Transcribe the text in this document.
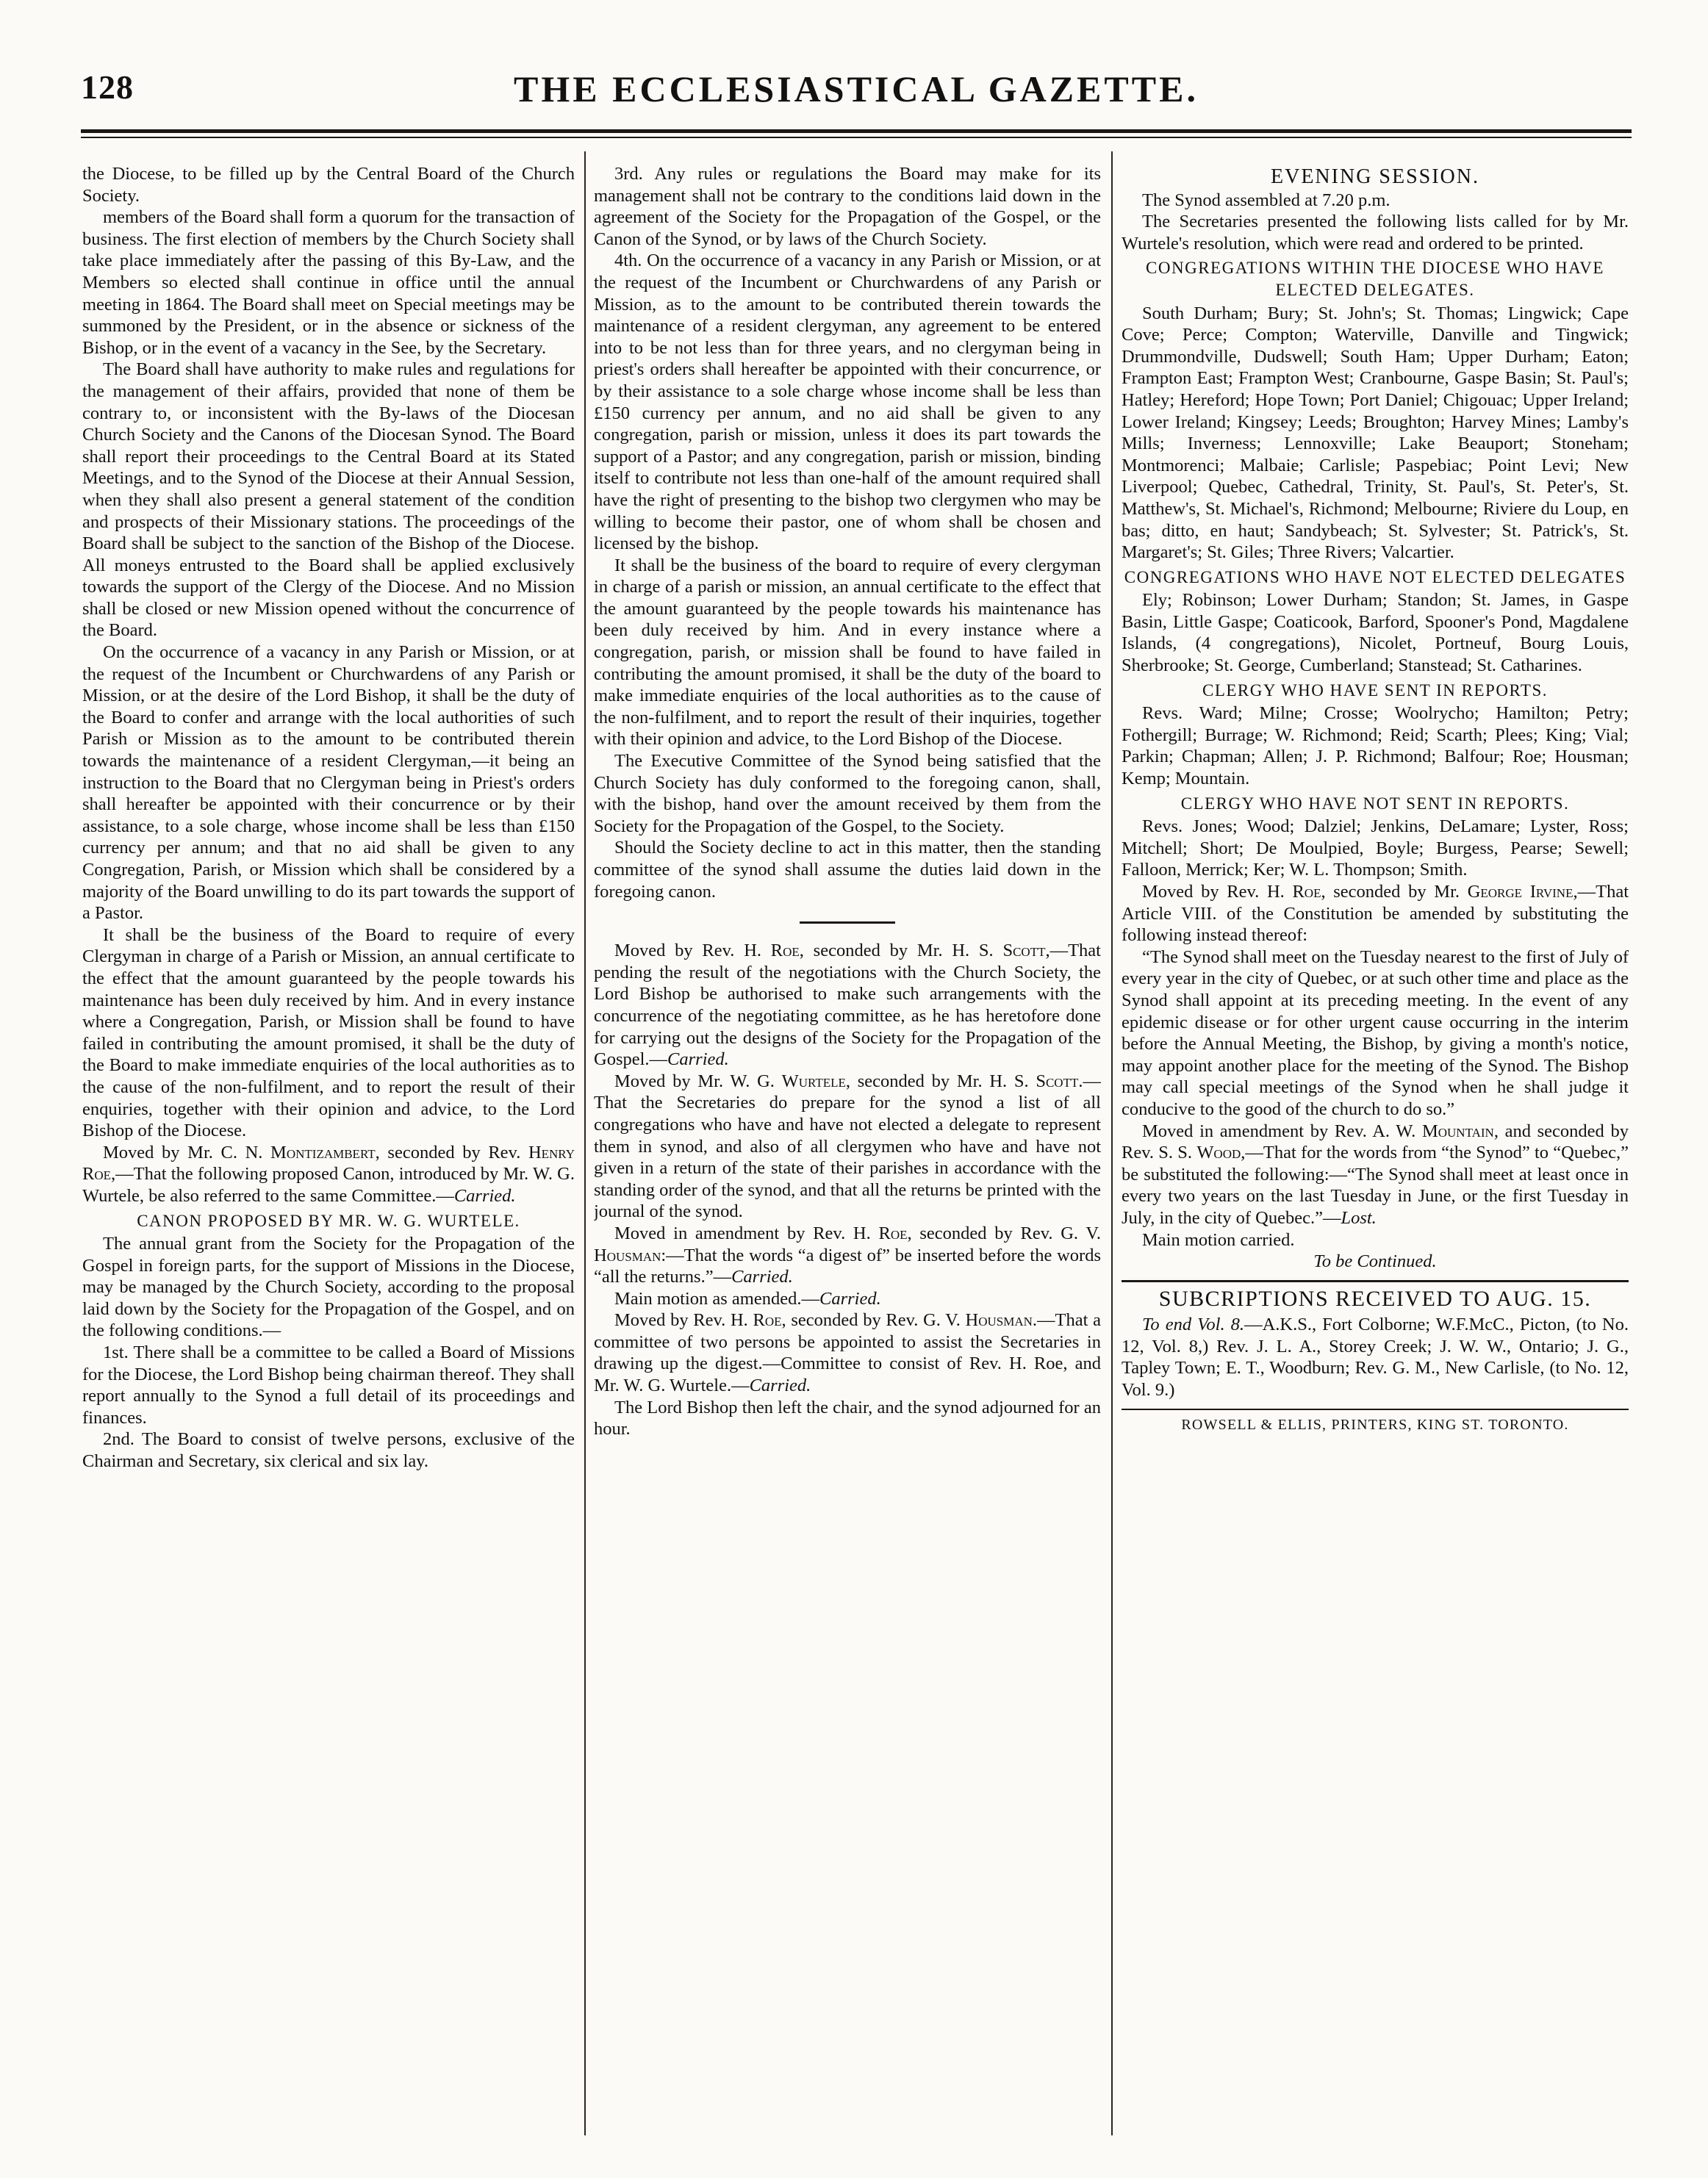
128	THE ECCLESIASTICAL GAZETTE.

the Diocese, to be filled up by the Central Board of the Church Society.

members of the Board shall form a quorum for the transaction of business. The first election of members by the Church Society shall take place immediately after the passing of this By-Law, and the Members so elected shall continue in office until the annual meeting in 1864. The Board shall meet on Special meetings may be summoned by the President, or in the absence or sickness of the Bishop, or in the event of a vacancy in the See, by the Secretary.

The Board shall have authority to make rules and regulations for the management of their affairs, provided that none of them be contrary to, or inconsistent with the By-laws of the Diocesan Church Society and the Canons of the Diocesan Synod. The Board shall report their proceedings to the Central Board at its Stated Meetings, and to the Synod of the Diocese at their Annual Session, when they shall also present a general statement of the condition and prospects of their Missionary stations. The proceedings of the Board shall be subject to the sanction of the Bishop of the Diocese. All moneys entrusted to the Board shall be applied exclusively towards the support of the Clergy of the Diocese. And no Mission shall be closed or new Mission opened without the concurrence of the Board.

On the occurrence of a vacancy in any Parish or Mission, or at the request of the Incumbent or Churchwardens of any Parish or Mission, or at the desire of the Lord Bishop, it shall be the duty of the Board to confer and arrange with the local authorities of such Parish or Mission as to the amount to be contributed therein towards the maintenance of a resident Clergyman,—it being an instruction to the Board that no Clergyman being in Priest's orders shall hereafter be appointed with their concurrence or by their assistance, to a sole charge, whose income shall be less than £150 currency per annum; and that no aid shall be given to any Congregation, Parish, or Mission which shall be considered by a majority of the Board unwilling to do its part towards the support of a Pastor.

It shall be the business of the Board to require of every Clergyman in charge of a Parish or Mission, an annual certificate to the effect that the amount guaranteed by the people towards his maintenance has been duly received by him. And in every instance where a Congregation, Parish, or Mission shall be found to have failed in contributing the amount promised, it shall be the duty of the Board to make immediate enquiries of the local authorities as to the cause of the non-fulfilment, and to report the result of their enquiries, together with their opinion and advice, to the Lord Bishop of the Diocese.

Moved by Mr. C. N. Montizambert, seconded by Rev. Henry Roe,—That the following proposed Canon, introduced by Mr. W. G. Wurtele, be also referred to the same Committee.—Carried.

CANON PROPOSED BY MR. W. G. WURTELE.

The annual grant from the Society for the Propagation of the Gospel in foreign parts, for the support of Missions in the Diocese, may be managed by the Church Society, according to the proposal laid down by the Society for the Propagation of the Gospel, and on the following conditions.—

1st. There shall be a committee to be called a Board of Missions for the Diocese, the Lord Bishop being chairman thereof. They shall report annually to the Synod a full detail of its proceedings and finances.

2nd. The Board to consist of twelve persons, exclusive of the Chairman and Secretary, six clerical and six lay.

3rd. Any rules or regulations the Board may make for its management shall not be contrary to the conditions laid down in the agreement of the Society for the Propagation of the Gospel, or the Canon of the Synod, or by laws of the Church Society.

4th. On the occurrence of a vacancy in any Parish or Mission, or at the request of the Incumbent or Churchwardens of any Parish or Mission, as to the amount to be contributed therein towards the maintenance of a resident clergyman, any agreement to be entered into to be not less than for three years, and no clergyman being in priest's orders shall hereafter be appointed with their concurrence, or by their assistance to a sole charge whose income shall be less than £150 currency per annum, and no aid shall be given to any congregation, parish or mission, unless it does its part towards the support of a Pastor; and any congregation, parish or mission, binding itself to contribute not less than one-half of the amount required shall have the right of presenting to the bishop two clergymen who may be willing to become their pastor, one of whom shall be chosen and licensed by the bishop.

It shall be the business of the board to require of every clergyman in charge of a parish or mission, an annual certificate to the effect that the amount guaranteed by the people towards his maintenance has been duly received by him. And in every instance where a congregation, parish, or mission shall be found to have failed in contributing the amount promised, it shall be the duty of the board to make immediate enquiries of the local authorities as to the cause of the non-fulfilment, and to report the result of their inquiries, together with their opinion and advice, to the Lord Bishop of the Diocese.

The Executive Committee of the Synod being satisfied that the Church Society has duly conformed to the foregoing canon, shall, with the bishop, hand over the amount received by them from the Society for the Propagation of the Gospel, to the Society.

Should the Society decline to act in this matter, then the standing committee of the synod shall assume the duties laid down in the foregoing canon.

Moved by Rev. H. Roe, seconded by Mr. H. S. Scott,—That pending the result of the negotiations with the Church Society, the Lord Bishop be authorised to make such arrangements with the concurrence of the negotiating committee, as he has heretofore done for carrying out the designs of the Society for the Propagation of the Gospel.—Carried.

Moved by Mr. W. G. Wurtele, seconded by Mr. H. S. Scott.—That the Secretaries do prepare for the synod a list of all congregations who have and have not elected a delegate to represent them in synod, and also of all clergymen who have and have not given in a return of the state of their parishes in accordance with the standing order of the synod, and that all the returns be printed with the journal of the synod.

Moved in amendment by Rev. H. Roe, seconded by Rev. G. V. Housman:—That the words “a digest of” be inserted before the words “all the returns.”—Carried.

Main motion as amended.—Carried.

Moved by Rev. H. Roe, seconded by Rev. G. V. Housman.—That a committee of two persons be appointed to assist the Secretaries in drawing up the digest.—Committee to consist of Rev. H. Roe, and Mr. W. G. Wurtele.—Carried.

The Lord Bishop then left the chair, and the synod adjourned for an hour.

EVENING SESSION.

The Synod assembled at 7.20 p.m.

The Secretaries presented the following lists called for by Mr. Wurtele's resolution, which were read and ordered to be printed.

CONGREGATIONS WITHIN THE DIOCESE WHO HAVE ELECTED DELEGATES.

South Durham; Bury; St. John's; St. Thomas; Lingwick; Cape Cove; Perce; Compton; Waterville, Danville and Tingwick; Drummondville, Dudswell; South Ham; Upper Durham; Eaton; Frampton East; Frampton West; Cranbourne, Gaspe Basin; St. Paul's; Hatley; Hereford; Hope Town; Port Daniel; Chigouac; Upper Ireland; Lower Ireland; Kingsey; Leeds; Broughton; Harvey Mines; Lamby's Mills; Inverness; Lennoxville; Lake Beauport; Stoneham; Montmorenci; Malbaie; Carlisle; Paspebiac; Point Levi; New Liverpool; Quebec, Cathedral, Trinity, St. Paul's, St. Peter's, St. Matthew's, St. Michael's, Richmond; Melbourne; Riviere du Loup, en bas; ditto, en haut; Sandybeach; St. Sylvester; St. Patrick's, St. Margaret's; St. Giles; Three Rivers; Valcartier.

CONGREGATIONS WHO HAVE NOT ELECTED DELEGATES

Ely; Robinson; Lower Durham; Standon; St. James, in Gaspe Basin, Little Gaspe; Coaticook, Barford, Spooner's Pond, Magdalene Islands, (4 congregations), Nicolet, Portneuf, Bourg Louis, Sherbrooke; St. George, Cumberland; Stanstead; St. Catharines.

CLERGY WHO HAVE SENT IN REPORTS.

Revs. Ward; Milne; Crosse; Woolrycho; Hamilton; Petry; Fothergill; Burrage; W. Richmond; Reid; Scarth; Plees; King; Vial; Parkin; Chapman; Allen; J. P. Richmond; Balfour; Roe; Housman; Kemp; Mountain.

CLERGY WHO HAVE NOT SENT IN REPORTS.

Revs. Jones; Wood; Dalziel; Jenkins, DeLamare; Lyster, Ross; Mitchell; Short; De Moulpied, Boyle; Burgess, Pearse; Sewell; Falloon, Merrick; Ker; W. L. Thompson; Smith.

Moved by Rev. H. Roe, seconded by Mr. George Irvine,—That Article VIII. of the Constitution be amended by substituting the following instead thereof:

“The Synod shall meet on the Tuesday nearest to the first of July of every year in the city of Quebec, or at such other time and place as the Synod shall appoint at its preceding meeting. In the event of any epidemic disease or for other urgent cause occurring in the interim before the Annual Meeting, the Bishop, by giving a month's notice, may appoint another place for the meeting of the Synod. The Bishop may call special meetings of the Synod when he shall judge it conducive to the good of the church to do so.”

Moved in amendment by Rev. A. W. Mountain, and seconded by Rev. S. S. Wood,—That for the words from “the Synod” to “Quebec,” be substituted the following:—“The Synod shall meet at least once in every two years on the last Tuesday in June, or the first Tuesday in July, in the city of Quebec.”—Lost.

Main motion carried.

To be Continued.

SUBCRIPTIONS RECEIVED TO AUG. 15.

To end Vol. 8.—A.K.S., Fort Colborne; W.F.McC., Picton, (to No. 12, Vol. 8,) Rev. J. L. A., Storey Creek; J. W. W., Ontario; J. G., Tapley Town; E. T., Woodburn; Rev. G. M., New Carlisle, (to No. 12, Vol. 9.)

ROWSELL & ELLIS, PRINTERS, KING ST. TORONTO.
